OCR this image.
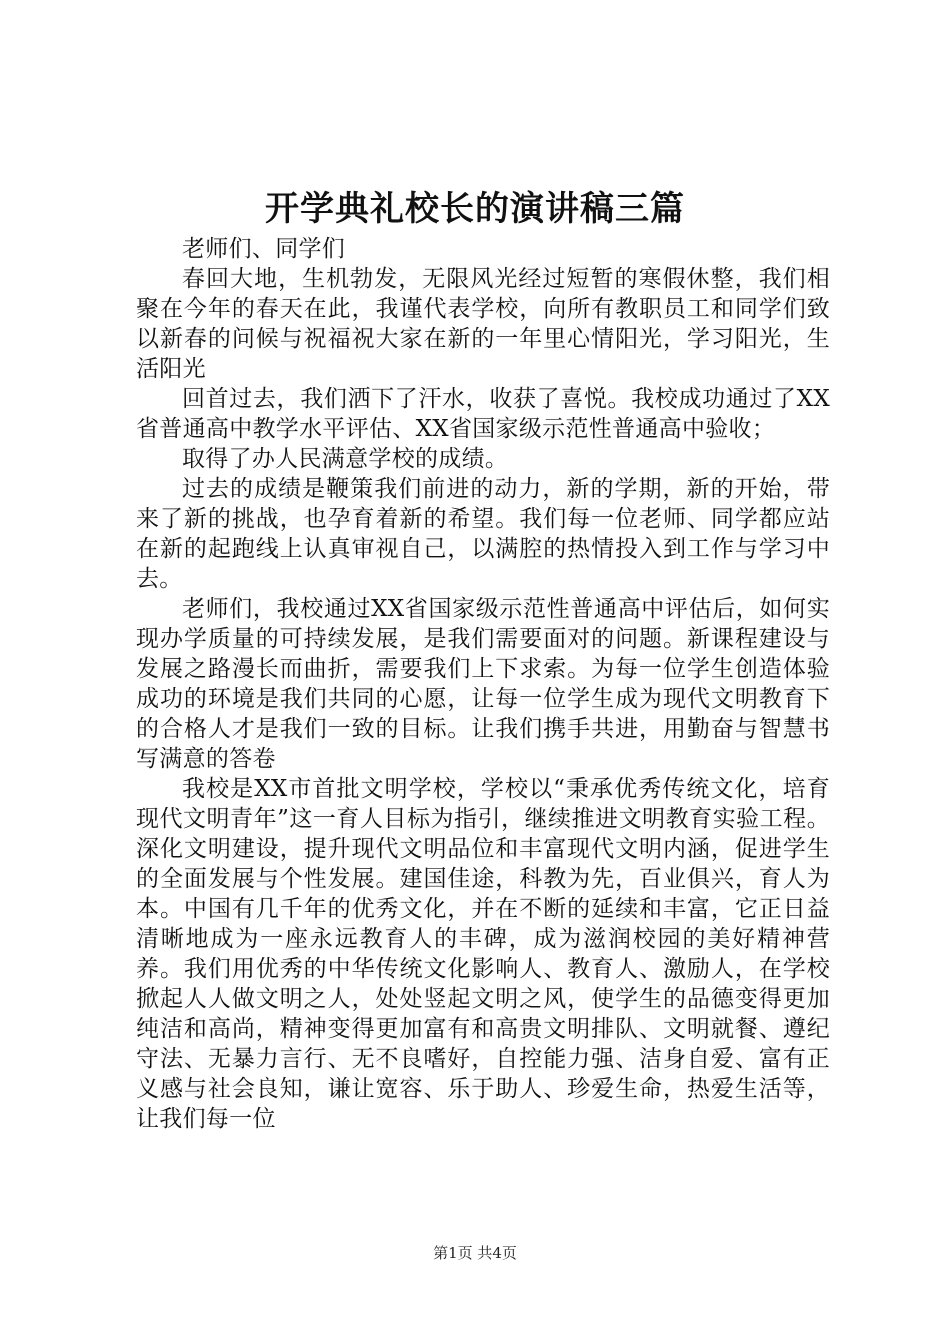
开学典礼校长的演讲稿三篇

老师们、同学们

春回大地，生机勃发，无限风光经过短暂的寒假休整，我们相聚在今年的春天在此，我谨代表学校，向所有教职员工和同学们致以新春的问候与祝福祝大家在新的一年里心情阳光，学习阳光，生活阳光

回首过去，我们洒下了汗水，收获了喜悦。我校成功通过了XX省普通高中教学水平评估、XX省国家级示范性普通高中验收；

取得了办人民满意学校的成绩。

过去的成绩是鞭策我们前进的动力，新的学期，新的开始，带来了新的挑战，也孕育着新的希望。我们每一位老师、同学都应站在新的起跑线上认真审视自己，以满腔的热情投入到工作与学习中去。

老师们，我校通过XX省国家级示范性普通高中评估后，如何实现办学质量的可持续发展，是我们需要面对的问题。新课程建设与发展之路漫长而曲折，需要我们上下求索。为每一位学生创造体验成功的环境是我们共同的心愿，让每一位学生成为现代文明教育下的合格人才是我们一致的目标。让我们携手共进，用勤奋与智慧书写满意的答卷

我校是XX市首批文明学校，学校以“秉承优秀传统文化，培育现代文明青年”这一育人目标为指引，继续推进文明教育实验工程。深化文明建设，提升现代文明品位和丰富现代文明内涵，促进学生的全面发展与个性发展。建国佳途，科教为先，百业俱兴，育人为本。中国有几千年的优秀文化，并在不断的延续和丰富，它正日益清晰地成为一座永远教育人的丰碑，成为滋润校园的美好精神营养。我们用优秀的中华传统文化影响人、教育人、激励人，在学校掀起人人做文明之人，处处竖起文明之风，使学生的品德变得更加纯洁和高尚，精神变得更加富有和高贵文明排队、文明就餐、遵纪守法、无暴力言行、无不良嗜好，自控能力强、洁身自爱、富有正义感与社会良知，谦让宽容、乐于助人、珍爱生命，热爱生活等，让我们每一位

第1页 共4页
